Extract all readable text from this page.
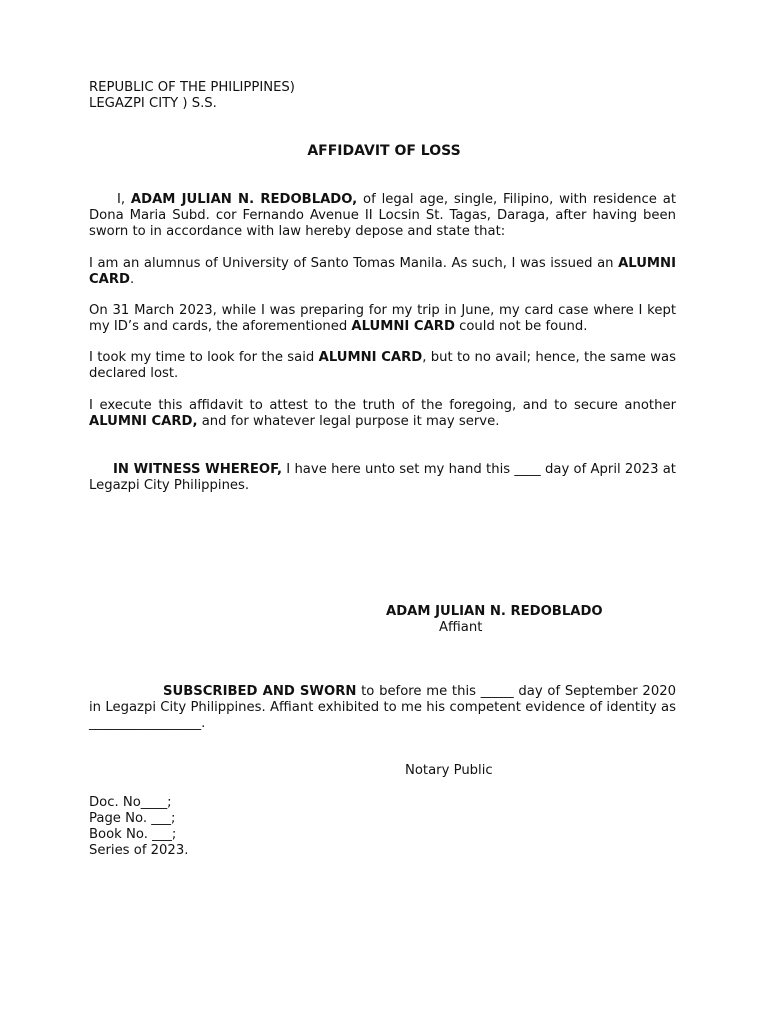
REPUBLIC OF THE PHILIPPINES)
LEGAZPI CITY ) S.S.
AFFIDAVIT OF LOSS
I, ADAM JULIAN N. REDOBLADO, of legal age, single, Filipino, with residence at Dona Maria Subd. cor Fernando Avenue II Locsin St. Tagas, Daraga, after having been sworn to in accordance with law hereby depose and state that:
I am an alumnus of University of Santo Tomas Manila. As such, I was issued an ALUMNI CARD.
On 31 March 2023, while I was preparing for my trip in June, my card case where I kept my ID’s and cards, the aforementioned ALUMNI CARD could not be found.
I took my time to look for the said ALUMNI CARD, but to no avail; hence, the same was declared lost.
I execute this affidavit to attest to the truth of the foregoing, and to secure another ALUMNI CARD, and for whatever legal purpose it may serve.
IN WITNESS WHEREOF, I have here unto set my hand this ____ day of April 2023 at Legazpi City Philippines.
ADAM JULIAN N. REDOBLADO
Affiant
SUBSCRIBED AND SWORN to before me this _____ day of September 2020 in Legazpi City Philippines. Affiant exhibited to me his competent evidence of identity as _________________.
Notary Public
Doc. No____;
Page No. ___;
Book No. ___;
Series of 2023.
